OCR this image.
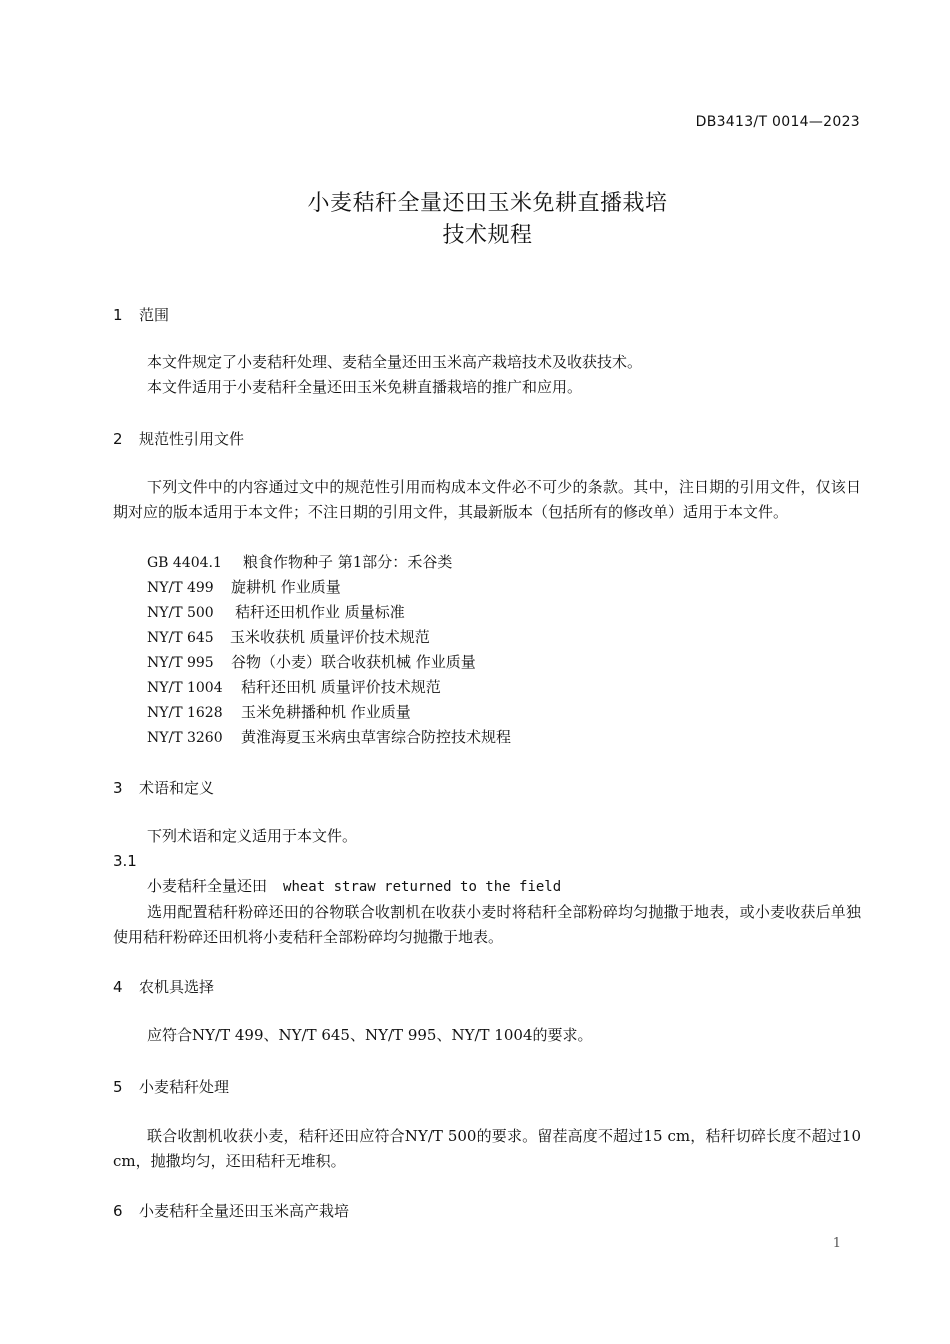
DB3413/T 0014—2023
小麦秸秆全量还田玉米免耕直播栽培
技术规程
1 范围
本文件规定了小麦秸秆处理、麦秸全量还田玉米高产栽培技术及收获技术。
本文件适用于小麦秸秆全量还田玉米免耕直播栽培的推广和应用。
2 规范性引用文件
下列文件中的内容通过文中的规范性引用而构成本文件必不可少的条款。其中，注日期的引用文件，仅该日期对应的版本适用于本文件；不注日期的引用文件，其最新版本（包括所有的修改单）适用于本文件。
GB 4404.1 粮食作物种子 第1部分：禾谷类
NY/T 499 旋耕机 作业质量
NY/T 500 秸秆还田机作业 质量标准
NY/T 645 玉米收获机 质量评价技术规范
NY/T 995 谷物（小麦）联合收获机械 作业质量
NY/T 1004 秸秆还田机 质量评价技术规范
NY/T 1628 玉米免耕播种机 作业质量
NY/T 3260 黄淮海夏玉米病虫草害综合防控技术规程
3 术语和定义
下列术语和定义适用于本文件。
3.1
小麦秸秆全量还田 wheat straw returned to the field
选用配置秸秆粉碎还田的谷物联合收割机在收获小麦时将秸秆全部粉碎均匀抛撒于地表，或小麦收获后单独使用秸秆粉碎还田机将小麦秸秆全部粉碎均匀抛撒于地表。
4 农机具选择
应符合NY/T 499、NY/T 645、NY/T 995、NY/T 1004的要求。
5 小麦秸秆处理
联合收割机收获小麦，秸秆还田应符合NY/T 500的要求。留茬高度不超过15 cm，秸秆切碎长度不超过10 cm，抛撒均匀，还田秸秆无堆积。
6 小麦秸秆全量还田玉米高产栽培
1
